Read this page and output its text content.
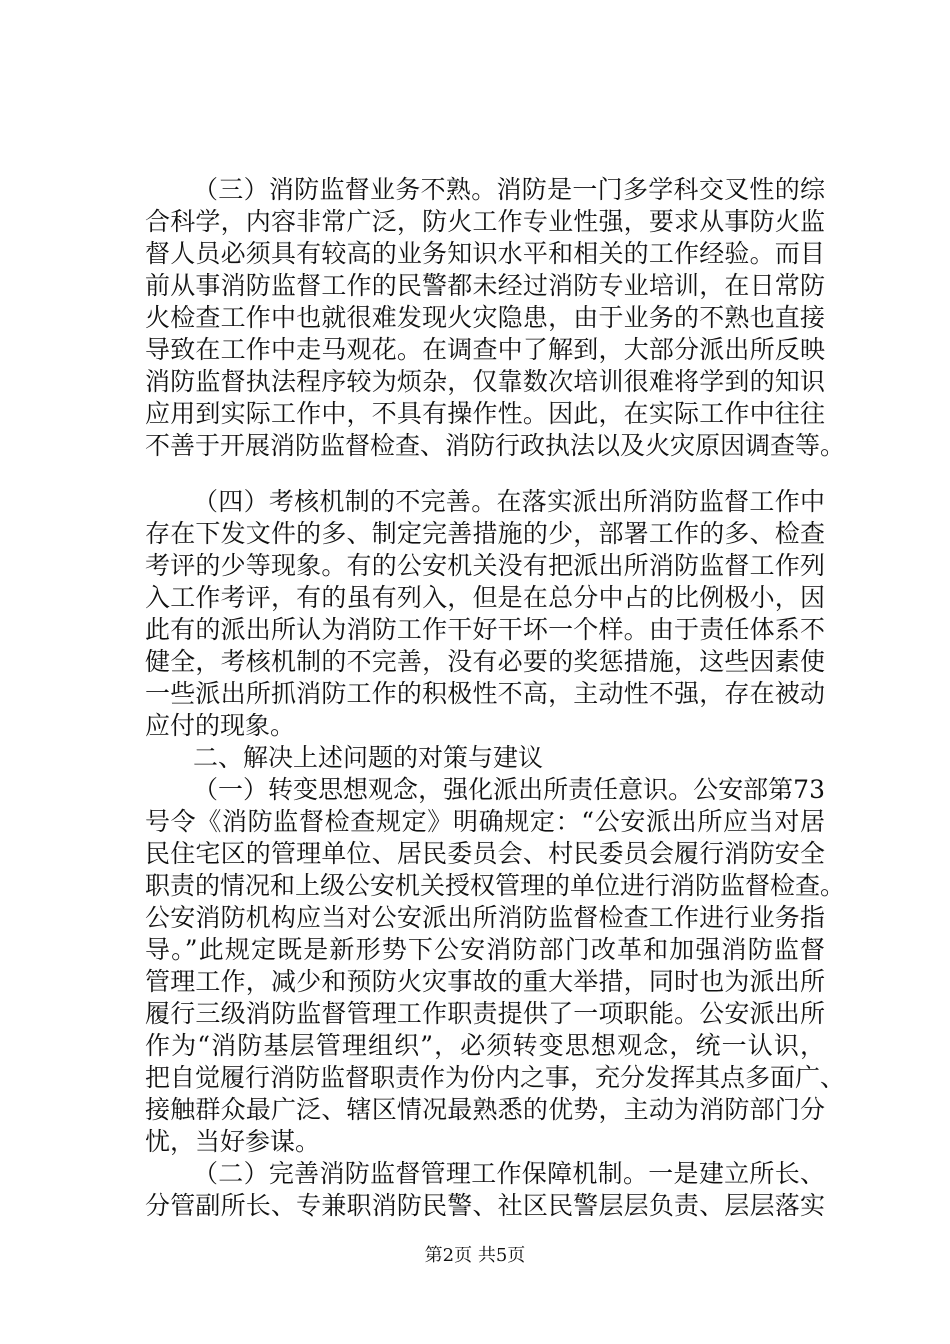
（三）消防监督业务不熟。消防是一门多学科交叉性的综
合科学，内容非常广泛，防火工作专业性强，要求从事防火监
督人员必须具有较高的业务知识水平和相关的工作经验。而目
前从事消防监督工作的民警都未经过消防专业培训，在日常防
火检查工作中也就很难发现火灾隐患，由于业务的不熟也直接
导致在工作中走马观花。在调查中了解到，大部分派出所反映
消防监督执法程序较为烦杂，仅靠数次培训很难将学到的知识
应用到实际工作中，不具有操作性。因此，在实际工作中往往
不善于开展消防监督检查、消防行政执法以及火灾原因调查等。
（四）考核机制的不完善。在落实派出所消防监督工作中
存在下发文件的多、制定完善措施的少，部署工作的多、检查
考评的少等现象。有的公安机关没有把派出所消防监督工作列
入工作考评，有的虽有列入，但是在总分中占的比例极小，因
此有的派出所认为消防工作干好干坏一个样。由于责任体系不
健全，考核机制的不完善，没有必要的奖惩措施，这些因素使
一些派出所抓消防工作的积极性不高，主动性不强，存在被动
应付的现象。
二、解决上述问题的对策与建议
（一）转变思想观念，强化派出所责任意识。公安部第73
号令《消防监督检查规定》明确规定：“公安派出所应当对居
民住宅区的管理单位、居民委员会、村民委员会履行消防安全
职责的情况和上级公安机关授权管理的单位进行消防监督检查。
公安消防机构应当对公安派出所消防监督检查工作进行业务指
导。”此规定既是新形势下公安消防部门改革和加强消防监督
管理工作，减少和预防火灾事故的重大举措，同时也为派出所
履行三级消防监督管理工作职责提供了一项职能。公安派出所
作为“消防基层管理组织”，必须转变思想观念，统一认识，
把自觉履行消防监督职责作为份内之事，充分发挥其点多面广、
接触群众最广泛、辖区情况最熟悉的优势，主动为消防部门分
忧，当好参谋。
（二）完善消防监督管理工作保障机制。一是建立所长、
分管副所长、专兼职消防民警、社区民警层层负责、层层落实
第2页 共5页
